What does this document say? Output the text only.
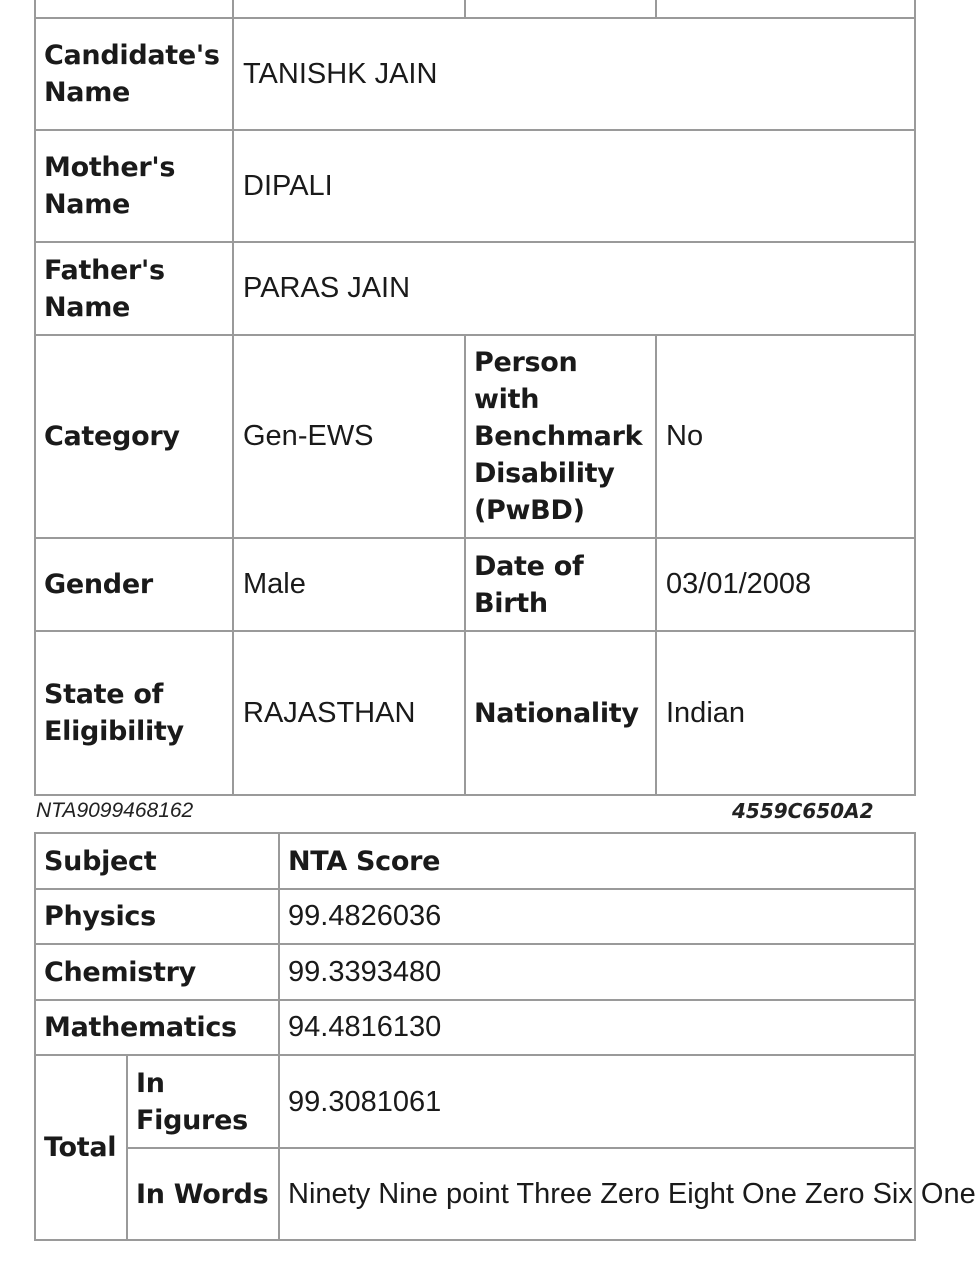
Candidate's Name	TANISHK JAIN		
Mother's Name	DIPALI		
Father's Name	PARAS JAIN		
Category	Gen-EWS	Person with Benchmark Disability (PwBD)	No
Gender	Male	Date of Birth	03/01/2008
State of Eligibility	RAJASTHAN	Nationality	Indian
NTA9099468162	4559C650A2
Subject		NTA Score
Physics		99.4826036
Chemistry		99.3393480
Mathematics		94.4816130
Total	In Figures	99.3081061
	In Words	Ninety Nine point Three Zero Eight One Zero Six One
